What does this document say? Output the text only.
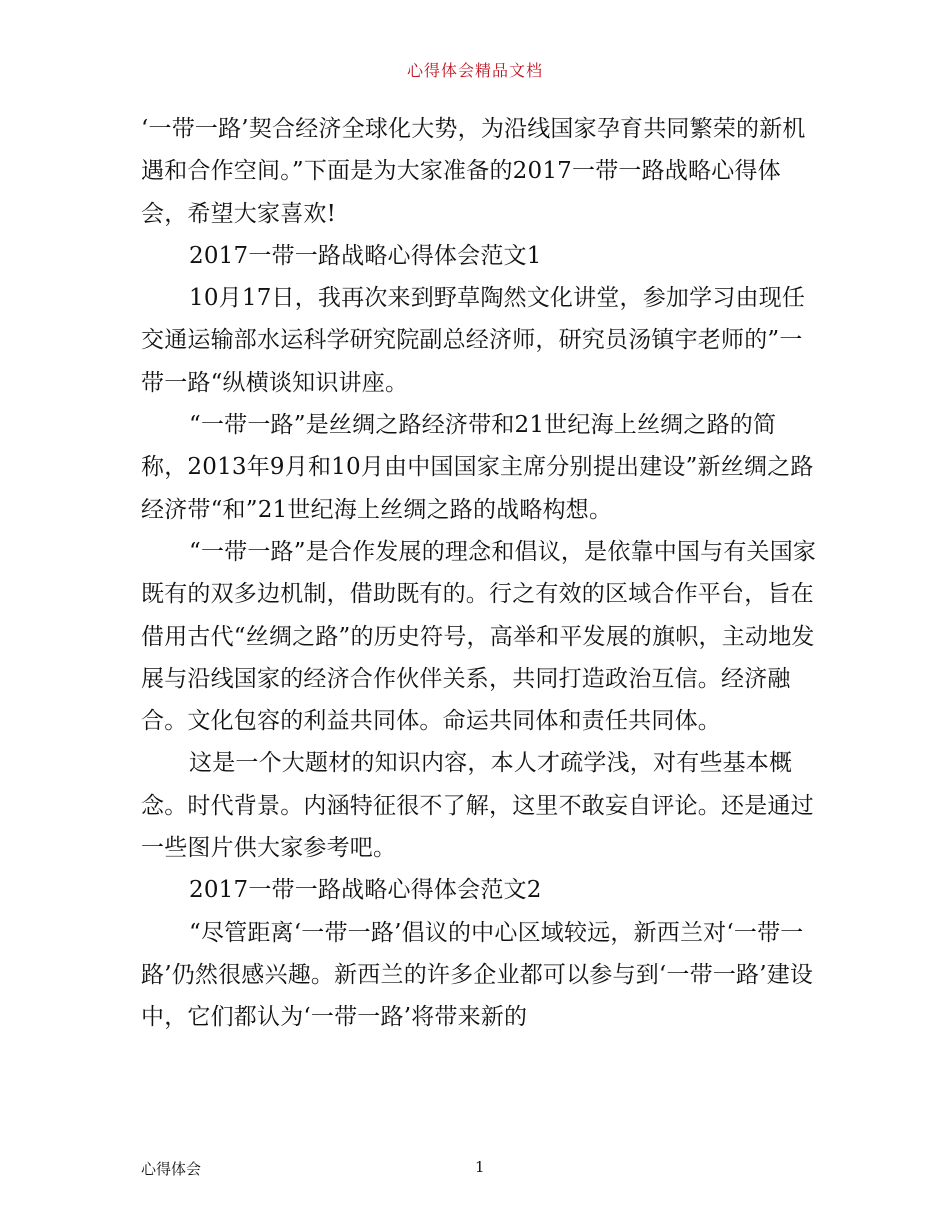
心得体会精品文档

‘一带一路’契合经济全球化大势，为沿线国家孕育共同繁荣的新机遇和合作空间。”下面是为大家准备的2017一带一路战略心得体会，希望大家喜欢!

2017一带一路战略心得体会范文1

10月17日，我再次来到野草陶然文化讲堂，参加学习由现任交通运输部水运科学研究院副总经济师，研究员汤镇宇老师的”一带一路“纵横谈知识讲座。

“一带一路”是丝绸之路经济带和21世纪海上丝绸之路的简称，2013年9月和10月由中国国家主席分别提出建设”新丝绸之路经济带“和”21世纪海上丝绸之路的战略构想。

“一带一路”是合作发展的理念和倡议，是依靠中国与有关国家既有的双多边机制，借助既有的。行之有效的区域合作平台，旨在借用古代“丝绸之路”的历史符号，高举和平发展的旗帜，主动地发展与沿线国家的经济合作伙伴关系，共同打造政治互信。经济融合。文化包容的利益共同体。命运共同体和责任共同体。

这是一个大题材的知识内容，本人才疏学浅，对有些基本概念。时代背景。内涵特征很不了解，这里不敢妄自评论。还是通过一些图片供大家参考吧。

2017一带一路战略心得体会范文2

“尽管距离‘一带一路’倡议的中心区域较远，新西兰对‘一带一路’仍然很感兴趣。新西兰的许多企业都可以参与到‘一带一路’建设中，它们都认为‘一带一路’将带来新的

心得体会	1
